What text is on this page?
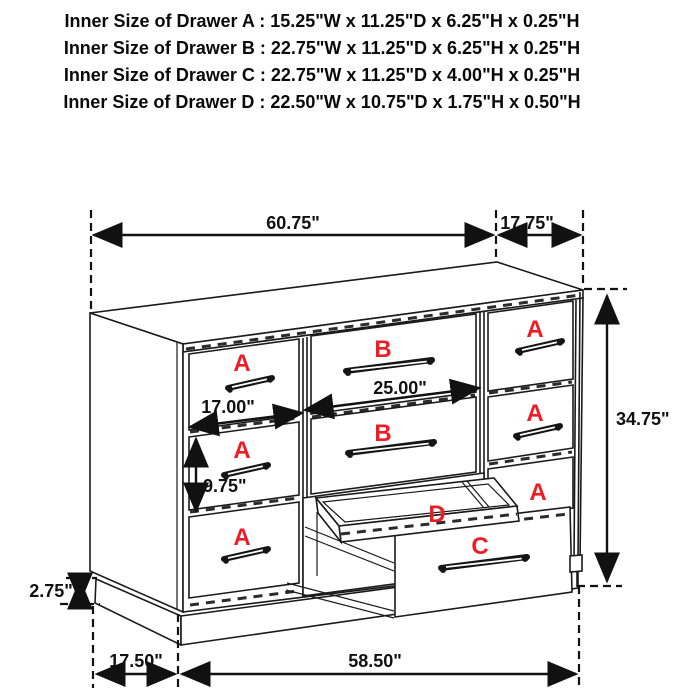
Inner Size of Drawer A : 15.25"W x 11.25"D x 6.25"H x 0.25"H
Inner Size of Drawer B : 22.75"W x 11.25"D x 6.25"H x 0.25"H
Inner Size of Drawer C : 22.75"W x 11.25"D x 4.00"H x 0.25"H
Inner Size of Drawer D : 22.50"W x 10.75"D x 1.75"H x 0.50"H
60.75"	17.75"
34.75"
25.00"
17.00"
9.75"
2.75"
17.50"	58.50"
A
A
A
B
B
A
A
A
D
C
